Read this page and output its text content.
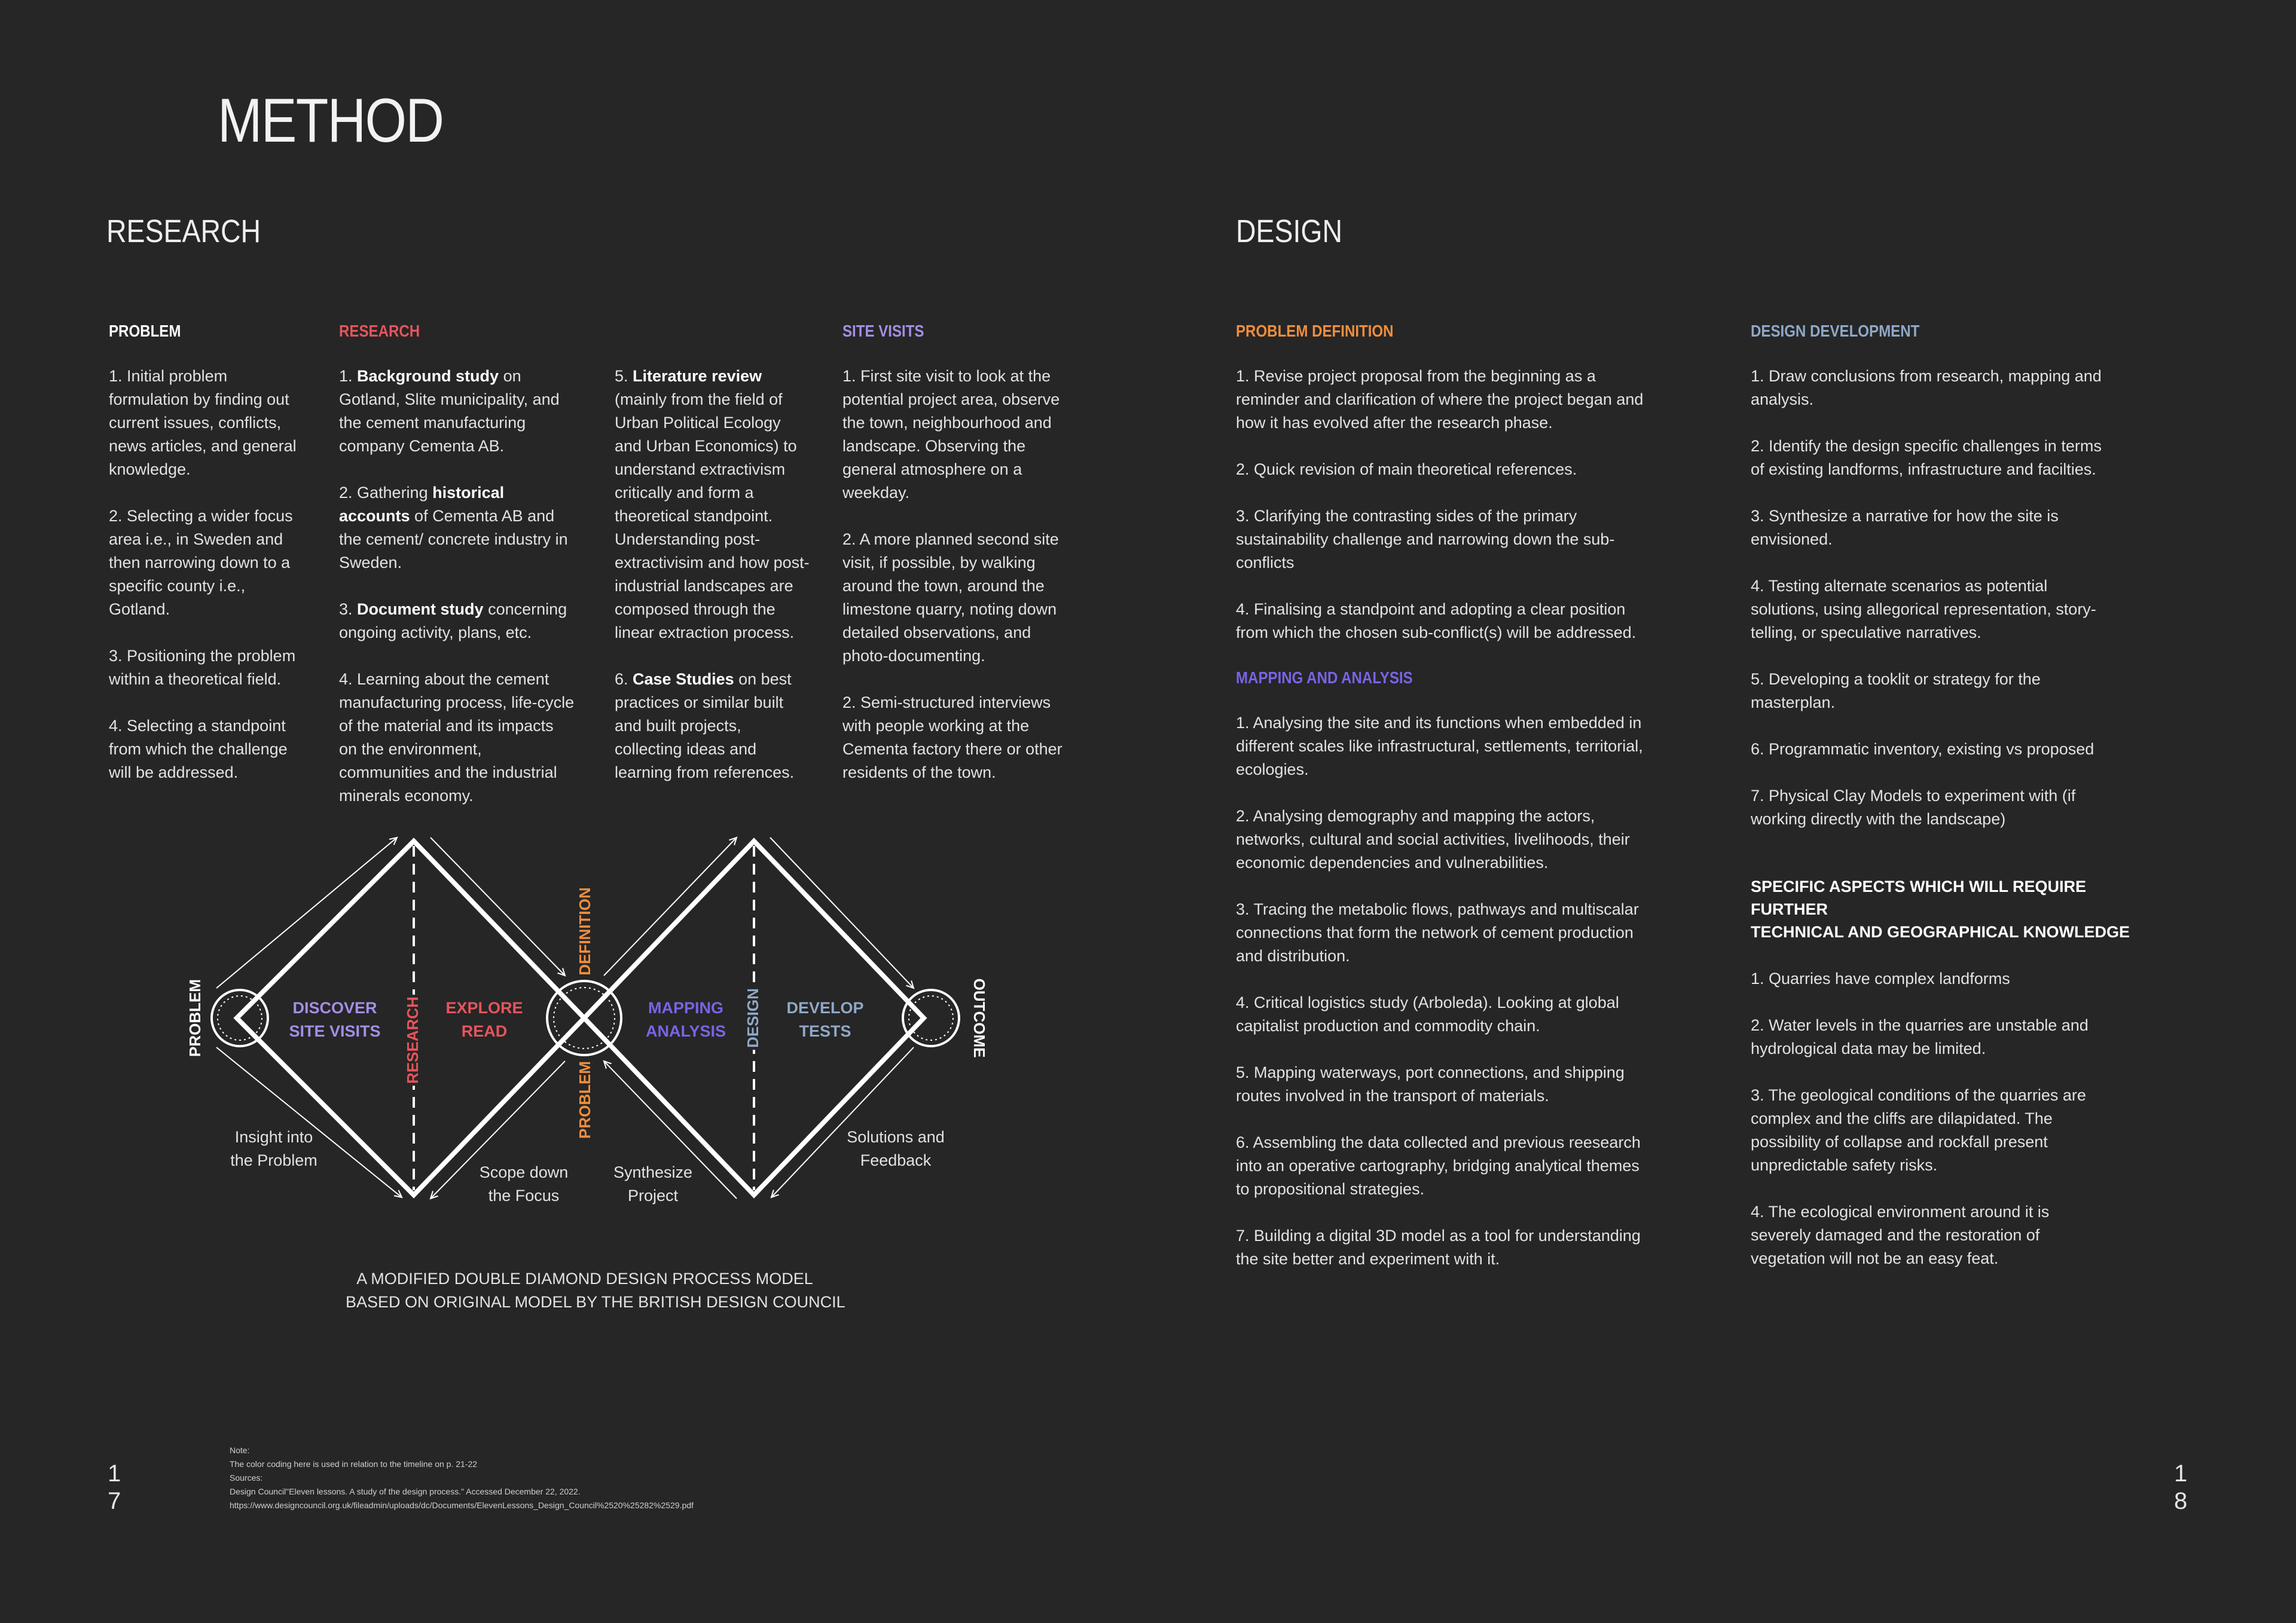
METHOD
RESEARCH	DESIGN
PROBLEM

1. Initial problem formulation by finding out current issues, conflicts, news articles, and general knowledge.

2. Selecting a wider focus area i.e., in Sweden and then narrowing down to a specific county i.e., Gotland.

3. Positioning the problem within a theoretical field.

4. Selecting a standpoint from which the challenge will be addressed.

RESEARCH

1. Background study on Gotland, Slite municipality, and the cement manufacturing company Cementa AB.

2. Gathering historical accounts of Cementa AB and the cement/ concrete industry in Sweden.

3. Document study concerning ongoing activity, plans, etc.

4. Learning about the cement manufacturing process, life-cycle of the material and its impacts on the environment, communities and the industrial minerals economy.

5. Literature review (mainly from the field of Urban Political Ecology and Urban Economics) to understand extractivism critically and form a theoretical standpoint. Understanding post-extractivisim and how post-industrial landscapes are composed through the linear extraction process.

6. Case Studies on best practices or similar built and built projects, collecting ideas and learning from references.

SITE VISITS

1. First site visit to look at the potential project area, observe the town, neighbourhood and landscape. Observing the general atmosphere on a weekday.

2. A more planned second site visit, if possible, by walking around the town, around the limestone quarry, noting down detailed observations, and photo-documenting.

2. Semi-structured interviews with people working at the Cementa factory there or other residents of the town.

PROBLEM DEFINITION

1. Revise project proposal from the beginning as a reminder and clarification of where the project began and how it has evolved after the research phase.

2. Quick revision of main theoretical references.

3. Clarifying the contrasting sides of the primary sustainability challenge and narrowing down the sub-conflicts

4. Finalising a standpoint and adopting a clear position from which the chosen sub-conflict(s) will be addressed.

MAPPING AND ANALYSIS

1. Analysing the site and its functions when embedded in different scales like infrastructural, settlements, territorial, ecologies.

2. Analysing demography and mapping the actors, networks, cultural and social activities, livelihoods, their economic dependencies and vulnerabilities.

3. Tracing the metabolic flows, pathways and multiscalar connections that form the network of cement production and distribution.

4. Critical logistics study (Arboleda). Looking at global capitalist production and commodity chain.

5. Mapping waterways, port connections, and shipping routes involved in the transport of materials.

6. Assembling the data collected and previous reesearch into an operative cartography, bridging analytical themes to propositional strategies.

7. Building a digital 3D model as a tool for understanding the site better and experiment with it.

DESIGN DEVELOPMENT

1. Draw conclusions from research, mapping and analysis.

2. Identify the design specific challenges in terms of existing landforms, infrastructure and facilties.

3. Synthesize a narrative for how the site is envisioned.

4. Testing alternate scenarios as potential solutions, using allegorical representation, story-telling, or speculative narratives.

5. Developing a tooklit or strategy for the masterplan.

6. Programmatic inventory, existing vs proposed

7. Physical Clay Models to experiment with (if working directly with the landscape)

SPECIFIC ASPECTS WHICH WILL REQUIRE FURTHER
TECHNICAL AND GEOGRAPHICAL KNOWLEDGE

1. Quarries have complex landforms

2. Water levels in the quarries are unstable and hydrological data may be limited.

3. The geological conditions of the quarries are complex and the cliffs are dilapidated. The possibility of collapse and rockfall present unpredictable safety risks.

4. The ecological environment around it is severely damaged and the restoration of vegetation will not be an easy feat.

PROBLEM	OUTCOME
RESEARCH
DEFINITION
PROBLEM
DESIGN
DISCOVER
SITE VISITS
EXPLORE
READ
MAPPING
ANALYSIS
DEVELOP
TESTS
Insight into
the Problem
Scope down
the Focus
Synthesize
Project
Solutions and
Feedback
A MODIFIED DOUBLE DIAMOND DESIGN PROCESS MODEL
BASED ON ORIGINAL MODEL BY THE BRITISH DESIGN COUNCIL
Note:
The color coding here is used in relation to the timeline on p. 21-22
Sources:
Design Council"Eleven lessons. A study of the design process." Accessed December 22, 2022.
https://www.designcouncil.org.uk/fileadmin/uploads/dc/Documents/ElevenLessons_Design_Council%2520%25282%2529.pdf
1
7
1
8
